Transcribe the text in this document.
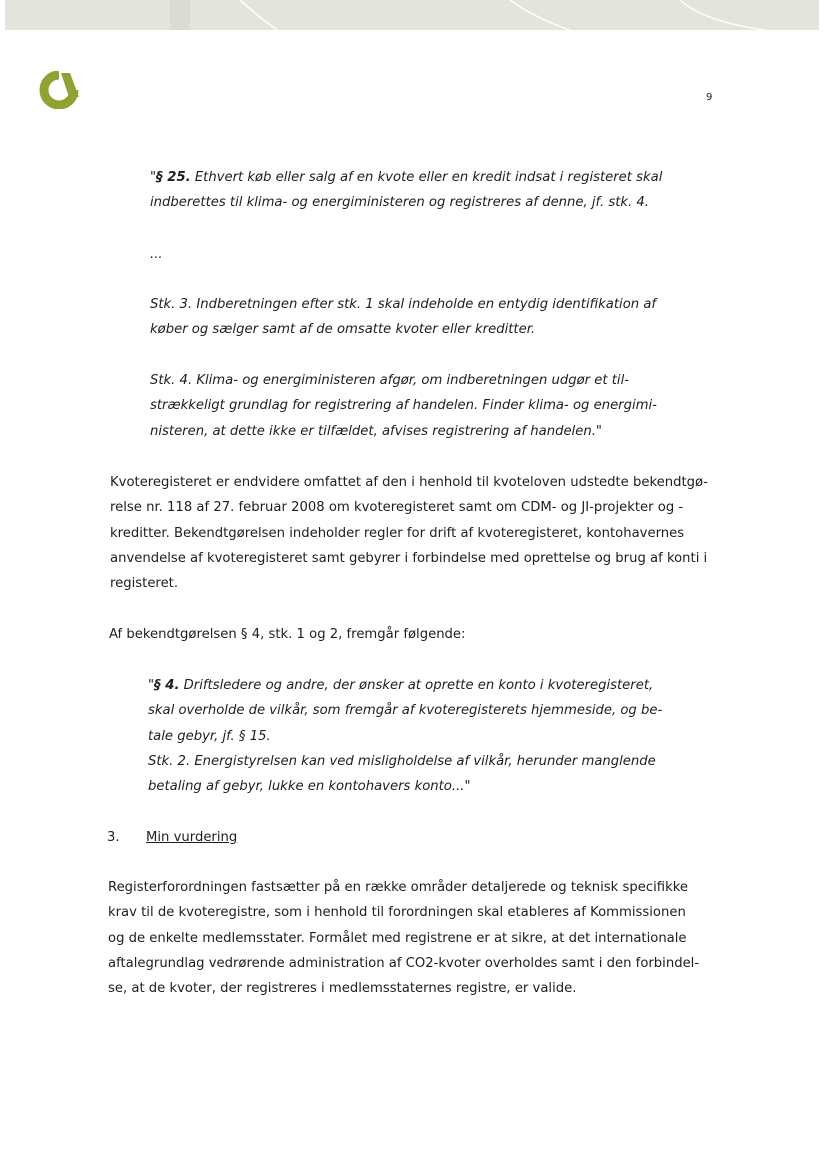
9
"§ 25. Ethvert køb eller salg af en kvote eller en kredit indsat i registeret skal
indberettes til klima- og energiministeren og registreres af denne, jf. stk. 4.
...
Stk. 3. Indberetningen efter stk. 1 skal indeholde en entydig identifikation af
køber og sælger samt af de omsatte kvoter eller kreditter.
Stk. 4. Klima- og energiministeren afgør, om indberetningen udgør et til-
strækkeligt grundlag for registrering af handelen. Finder klima- og energimi-
nisteren, at dette ikke er tilfældet, afvises registrering af handelen."
Kvoteregisteret er endvidere omfattet af den i henhold til kvoteloven udstedte bekendtgø-
relse nr. 118 af 27. februar 2008 om kvoteregisteret samt om CDM- og JI-projekter og -
kreditter. Bekendtgørelsen indeholder regler for drift af kvoteregisteret, kontohavernes
anvendelse af kvoteregisteret samt gebyrer i forbindelse med oprettelse og brug af konti i
registeret.
Af bekendtgørelsen § 4, stk. 1 og 2, fremgår følgende:
"§ 4. Driftsledere og andre, der ønsker at oprette en konto i kvoteregisteret,
skal overholde de vilkår, som fremgår af kvoteregisterets hjemmeside, og be-
tale gebyr, jf. § 15.
Stk. 2. Energistyrelsen kan ved misligholdelse af vilkår, herunder manglende
betaling af gebyr, lukke en kontohavers konto..."
3. Min vurdering
Registerforordningen fastsætter på en række områder detaljerede og teknisk specifikke
krav til de kvoteregistre, som i henhold til forordningen skal etableres af Kommissionen
og de enkelte medlemsstater. Formålet med registrene er at sikre, at det internationale
aftalegrundlag vedrørende administration af CO2-kvoter overholdes samt i den forbindel-
se, at de kvoter, der registreres i medlemsstaternes registre, er valide.
